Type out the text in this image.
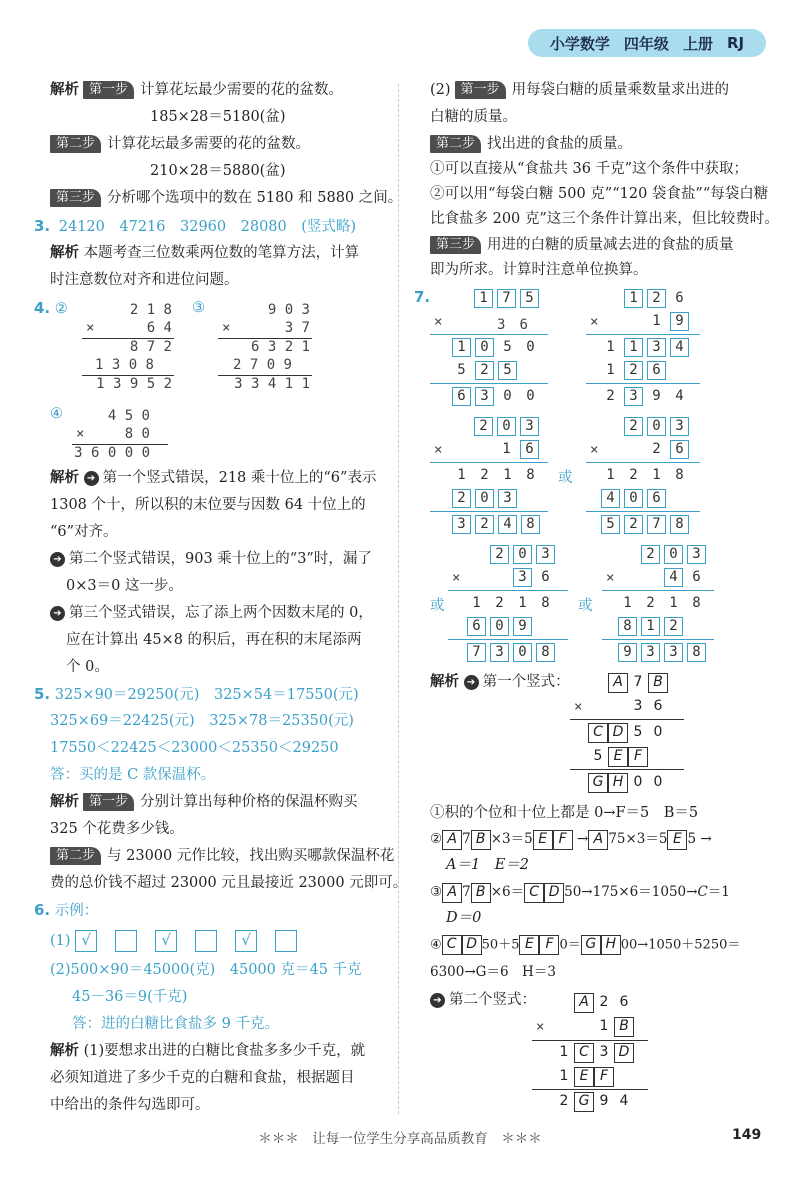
小学数学 四年级 上册 RJ
解析 第一步 计算花坛最少需要的花的盆数。
185×28＝5180(盆)
第二步 计算花坛最多需要的花的盆数。
210×28＝5880(盆)
第三步 分析哪个选项中的数在 5180 和 5880 之间。
3. 24120　47216　32960　28080　(竖式略)
解析 本题考查三位数乘两位数的笔算方法，计算
时注意数位对齐和进位问题。
4. ②	2 1 8
×	6 4
8 7 2
1 3 0 8
1 3 9 5 2
③	9 0 3
×	3 7
6 3 2 1
2 7 0 9
3 3 4 1 1
④	4 5 0
×	8 0
3 6 0 0 0
解析 ➔ 第一个竖式错误，218 乘十位上的“6”表示
1308 个十，所以积的末位要与因数 64 十位上的
“6”对齐。
➔ 第二个竖式错误，903 乘十位上的“3”时，漏了
0×3＝0 这一步。
➔ 第三个竖式错误，忘了添上两个因数末尾的 0，
应在计算出 45×8 的积后，再在积的末尾添两
个 0。
5. 325×90＝29250(元)　325×54＝17550(元)
325×69＝22425(元)　325×78＝25350(元)
17550＜22425＜23000＜25350＜29250
答：买的是 C 款保温杯。
解析 第一步 分别计算出每种价格的保温杯购买
325 个花费多少钱。
第二步 与 23000 元作比较，找出购买哪款保温杯花
费的总价钱不超过 23000 元且最接近 23000 元即可。
6. 示例：
(1) √	√	√
(2)500×90＝45000(克)　45000 克＝45 千克
45－36＝9(千克)
答：进的白糖比食盐多 9 千克。
解析 (1)要想求出进的白糖比食盐多多少千克，就
必须知道进了多少千克的白糖和食盐，根据题目
中给出的条件勾选即可。
(2) 第一步 用每袋白糖的质量乘数量求出进的
白糖的质量。
第二步 找出进的食盐的质量。
①可以直接从“食盐共 36 千克”这个条件中获取；
②可以用“每袋白糖 500 克”“120 袋食盐”“每袋白糖
比食盐多 200 克”这三个条件计算出来，但比较费时。
第三步 用进的白糖的质量减去进的食盐的质量
即为所求。计算时注意单位换算。
7.	1 7 5
×	3　 6
1 0 5 0
5 2 5
6 3 0 0
1 2 6
×	1 9
1 1 3 4
1 2 6
2 3 9 4
2 0 3
×	1 6
1 2 1 8
2 0 3
3 2 4 8
或
2 0 3
×	2 6
1 2 1 8
4 0 6
5 2 7 8
2 0 3
×	3 6
1 2 1 8
6 0 9
7 3 0 8
或
2 0 3
×	4 6
1 2 1 8
8 1 2
9 3 3 8
或
解析 ➔ 第一个竖式：	A 7 B
×	3 6
C D 5 0
5 E F
G H 0 0
①积的个位和十位上都是 0→F＝5　B＝5
② A 7 B ×3＝5 E F → A 75×3＝5 E 5 →
A＝1　E＝2
③ A 7 B ×6＝ C D 50→175×6＝1050→C＝1
D＝0
④ C D 50＋5 E F 0＝ G H 00→1050＋5250＝
6300→G＝6　H＝3
➔ 第二个竖式：	A 2 6
×	1 B
1 C 3 D
1 E F
2 G 9 4
＊＊＊　让每一位学生分享高品质教育　＊＊＊	149
